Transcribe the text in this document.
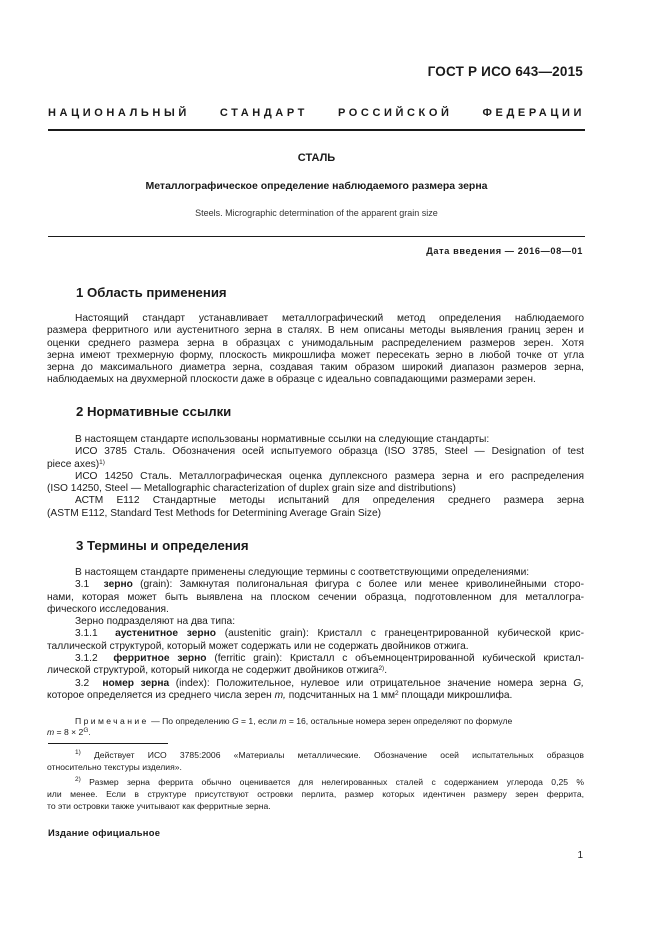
ГОСТ Р ИСО 643—2015
НАЦИОНАЛЬНЫЙ СТАНДАРТ РОССИЙСКОЙ ФЕДЕРАЦИИ
СТАЛЬ
Металлографическое определение наблюдаемого размера зерна
Steels. Micrographic determination of the apparent grain size
Дата введения — 2016—08—01
1 Область применения
Настоящий стандарт устанавливает металлографический метод определения наблюдаемого
размера ферритного или аустенитного зерна в сталях. В нем описаны методы выявления границ зерен и
оценки среднего размера зерна в образцах с унимодальным распределением размеров зерен. Хотя
зерна имеют трехмерную форму, плоскость микрошлифа может пересекать зерно в любой точке от угла
зерна до максимального диаметра зерна, создавая таким образом широкий диапазон размеров зерна,
наблюдаемых на двухмерной плоскости даже в образце с идеально совпадающими размерами зерен.
2 Нормативные ссылки
В настоящем стандарте использованы нормативные ссылки на следующие стандарты:
ИСО 3785 Сталь. Обозначения осей испытуемого образца (ISO 3785, Steel — Designation of test
piece axes)$^{1)}$
ИСО 14250 Сталь. Металлографическая оценка дуплексного размера зерна и его распределения
(ISO 14250, Steel — Metallographic characterization of duplex grain size and distributions)
АСТМ Е112 Стандартные методы испытаний для определения среднего размера зерна
(ASTM E112, Standard Test Methods for Determining Average Grain Size)
3 Термины и определения
В настоящем стандарте применены следующие термины с соответствующими определениями:
3.1 зерно (grain): Замкнутая полигональная фигура с более или менее криволинейными сторо-
нами, которая может быть выявлена на плоском сечении образца, подготовленном для металлогра-
фического исследования.
Зерно подразделяют на два типа:
3.1.1 аустенитное зерно (austenitic grain): Кристалл с гранецентрированной кубической крис-
таллической структурой, который может содержать или не содержать двойников отжига.
3.1.2 ферритное зерно (ferritic grain): Кристалл с объемноцентрированной кубической кристал-
лической структурой, который никогда не содержит двойников отжига$^{2)}$.
3.2 номер зерна (index): Положительное, нулевое или отрицательное значение номера зерна G,
которое определяется из среднего числа зерен m, подсчитанных на 1 $мм^2$ площади микрошлифа.
Примечание — По определению G = 1, если m = 16, остальные номера зерен определяют по формуле
$m = 8 \times 2^G$.
$^{1)}$ Действует ИСО 3785:2006 «Материалы металлические. Обозначение осей испытательных образцов
относительно текстуры изделия».
$^{2)}$ Размер зерна феррита обычно оценивается для нелегированных сталей с содержанием углерода 0,25 %
или менее. Если в структуре присутствуют островки перлита, размер которых идентичен размеру зерен феррита,
то эти островки также учитывают как ферритные зерна.
Издание официальное
1
